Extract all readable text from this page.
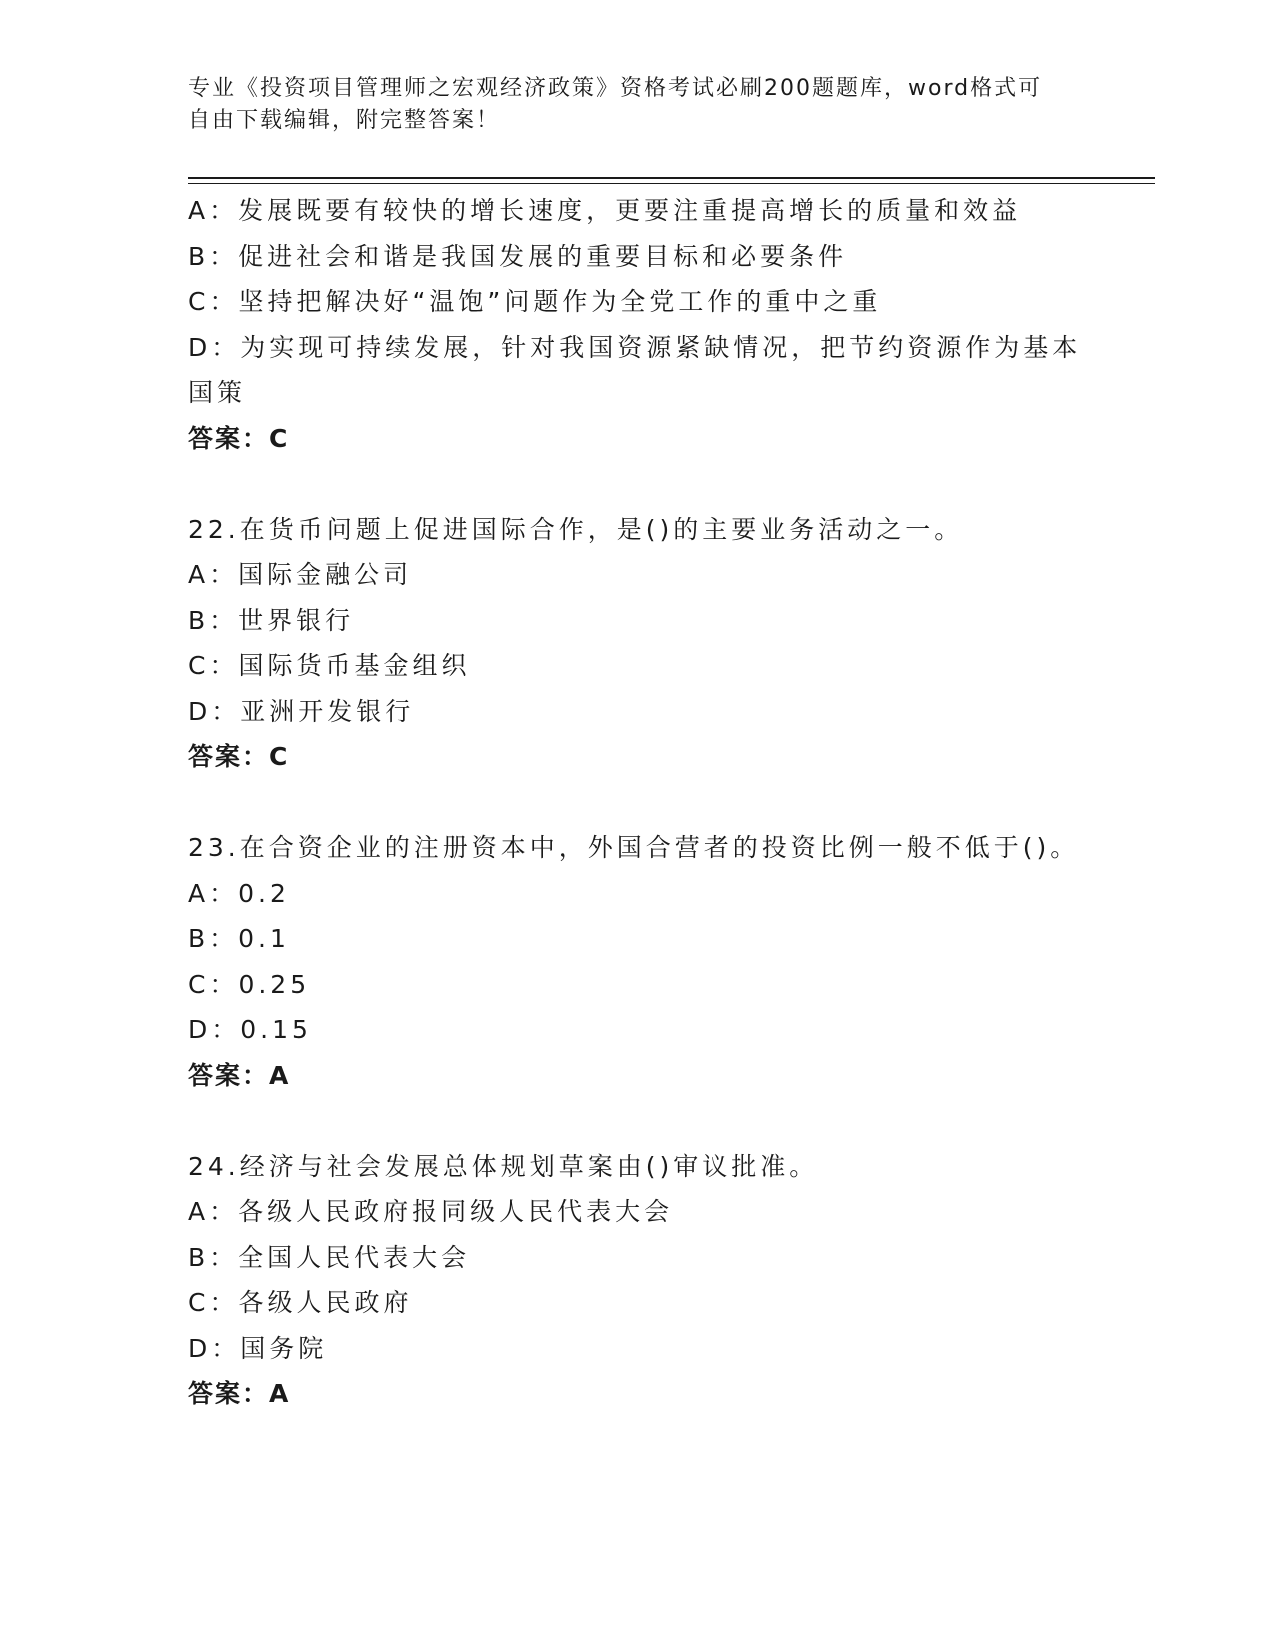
专业《投资项目管理师之宏观经济政策》资格考试必刷200题题库，word格式可
自由下载编辑，附完整答案！
A：发展既要有较快的增长速度，更要注重提高增长的质量和效益
B：促进社会和谐是我国发展的重要目标和必要条件
C：坚持把解决好“温饱”问题作为全党工作的重中之重
D：为实现可持续发展，针对我国资源紧缺情况，把节约资源作为基本
国策
答案：C
22.在货币问题上促进国际合作，是()的主要业务活动之一。
A：国际金融公司
B：世界银行
C：国际货币基金组织
D：亚洲开发银行
答案：C
23.在合资企业的注册资本中，外国合营者的投资比例一般不低于()。
A：0.2
B：0.1
C：0.25
D：0.15
答案：A
24.经济与社会发展总体规划草案由()审议批准。
A：各级人民政府报同级人民代表大会
B：全国人民代表大会
C：各级人民政府
D：国务院
答案：A
